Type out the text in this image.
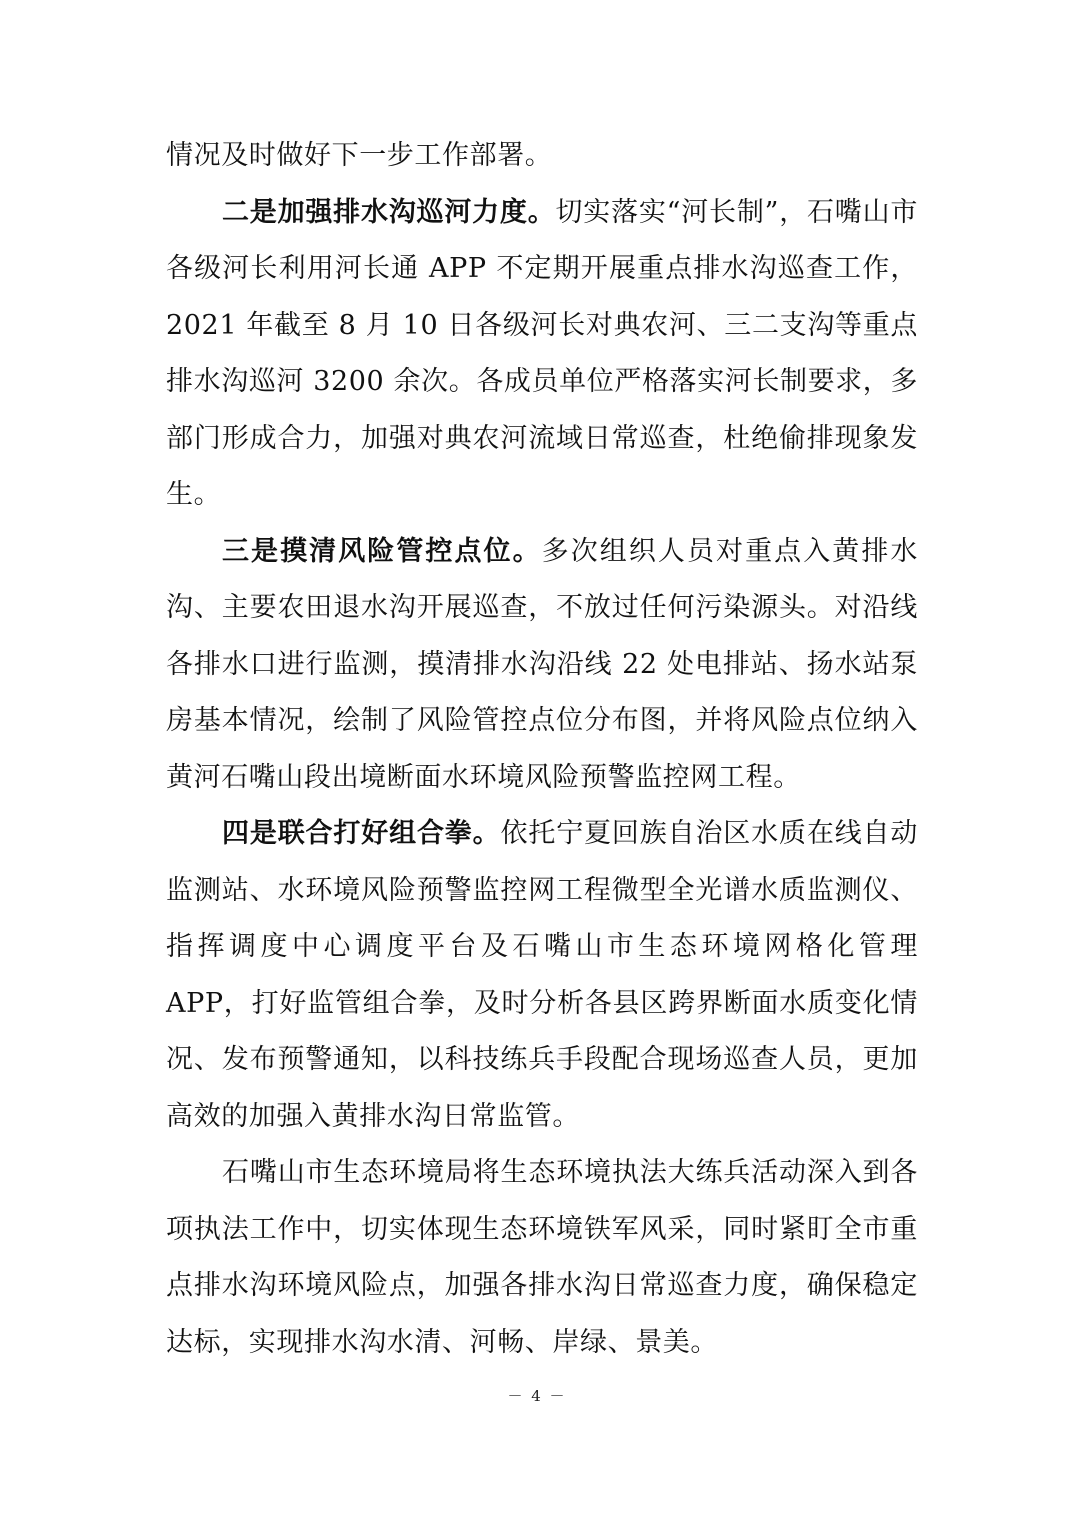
情况及时做好下一步工作部署。

二是加强排水沟巡河力度。切实落实“河长制”，石嘴山市各级河长利用河长通 APP 不定期开展重点排水沟巡查工作，2021 年截至 8 月 10 日各级河长对典农河、三二支沟等重点排水沟巡河 3200 余次。各成员单位严格落实河长制要求，多部门形成合力，加强对典农河流域日常巡查，杜绝偷排现象发生。

三是摸清风险管控点位。多次组织人员对重点入黄排水沟、主要农田退水沟开展巡查，不放过任何污染源头。对沿线各排水口进行监测，摸清排水沟沿线 22 处电排站、扬水站泵房基本情况，绘制了风险管控点位分布图，并将风险点位纳入黄河石嘴山段出境断面水环境风险预警监控网工程。

四是联合打好组合拳。依托宁夏回族自治区水质在线自动监测站、水环境风险预警监控网工程微型全光谱水质监测仪、指挥调度中心调度平台及石嘴山市生态环境网格化管理 APP，打好监管组合拳，及时分析各县区跨界断面水质变化情况、发布预警通知，以科技练兵手段配合现场巡查人员，更加高效的加强入黄排水沟日常监管。

石嘴山市生态环境局将生态环境执法大练兵活动深入到各项执法工作中，切实体现生态环境铁军风采，同时紧盯全市重点排水沟环境风险点，加强各排水沟日常巡查力度，确保稳定达标，实现排水沟水清、河畅、岸绿、景美。

－ 4 －
